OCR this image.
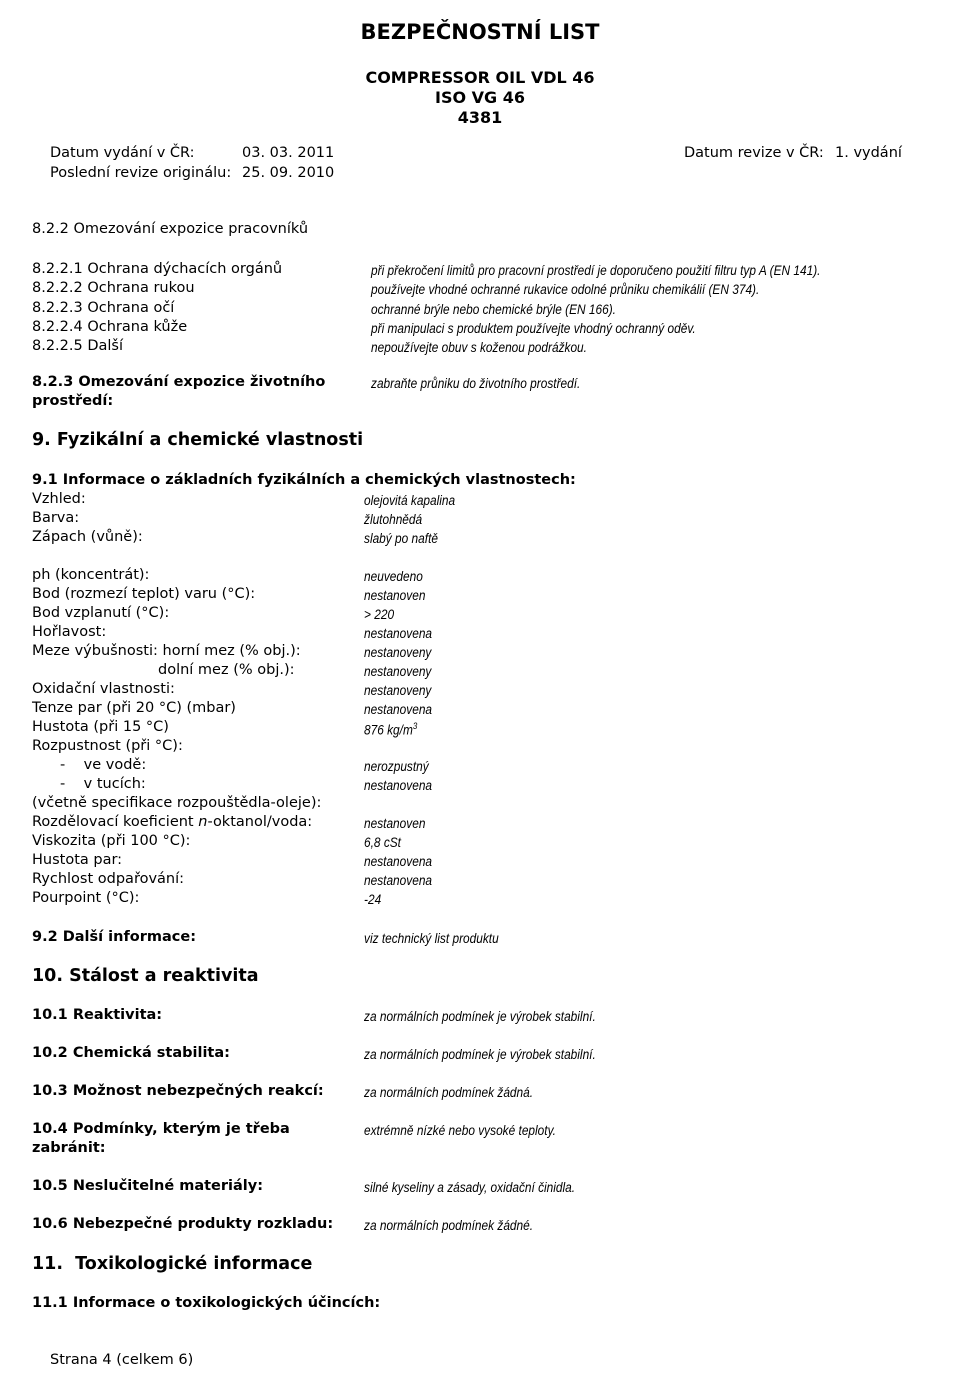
BEZPEČNOSTNÍ LIST
COMPRESSOR OIL VDL 46
ISO VG 46
4381
Datum vydání v ČR:	03. 03. 2011	Datum revize v ČR: 1. vydání
Poslední revize originálu: 25. 09. 2010
8.2.2 Omezování expozice pracovníků
8.2.2.1 Ochrana dýchacích orgánů	při překročení limitů pro pracovní prostředí je doporučeno použití filtru typ A (EN 141).
8.2.2.2 Ochrana rukou	používejte vhodné ochranné rukavice odolné průniku chemikálií (EN 374).
8.2.2.3 Ochrana očí	ochranné brýle nebo chemické brýle (EN 166).
8.2.2.4 Ochrana kůže	při manipulaci s produktem používejte vhodný ochranný oděv.
8.2.2.5 Další	nepoužívejte obuv s koženou podrážkou.
8.2.3 Omezování expozice životního
prostředí:
zabraňte průniku do životního prostředí.
9. Fyzikální a chemické vlastnosti
9.1 Informace o základních fyzikálních a chemických vlastnostech:
Vzhled:	olejovitá kapalina
Barva:	žlutohnědá
Zápach (vůně):	slabý po naftě
ph (koncentrát):	neuvedeno
Bod (rozmezí teplot) varu (°C):	nestanoven
Bod vzplanutí (°C):	> 220
Hořlavost:	nestanovena
Meze výbušnosti: horní mez (% obj.):	nestanoveny
dolní mez (% obj.):	nestanoveny
Oxidační vlastnosti:	nestanoveny
Tenze par (při 20 °C) (mbar)	nestanovena
Hustota (při 15 °C)	876 $kg/m^3$
Rozpustnost (při °C):
-    ve vodě:	nerozpustný
-    v tucích:	nestanovena
(včetně specifikace rozpouštědla-oleje):
Rozdělovací koeficient n-oktanol/voda:	nestanoven
Viskozita (při 100 °C):	6,8 cSt
Hustota par:	nestanovena
Rychlost odpařování:	nestanovena
Pourpoint (°C):	-24
9.2 Další informace:	viz technický list produktu
10. Stálost a reaktivita
10.1 Reaktivita:	za normálních podmínek je výrobek stabilní.
10.2 Chemická stabilita:	za normálních podmínek je výrobek stabilní.
10.3 Možnost nebezpečných reakcí:	za normálních podmínek žádná.
10.4 Podmínky, kterým je třeba
zabránit:
extrémně nízké nebo vysoké teploty.
10.5 Neslučitelné materiály:	silné kyseliny a zásady, oxidační činidla.
10.6 Nebezpečné produkty rozkladu: za normálních podmínek žádné.
11.  Toxikologické informace
11.1 Informace o toxikologických účincích:
Strana 4 (celkem 6)
